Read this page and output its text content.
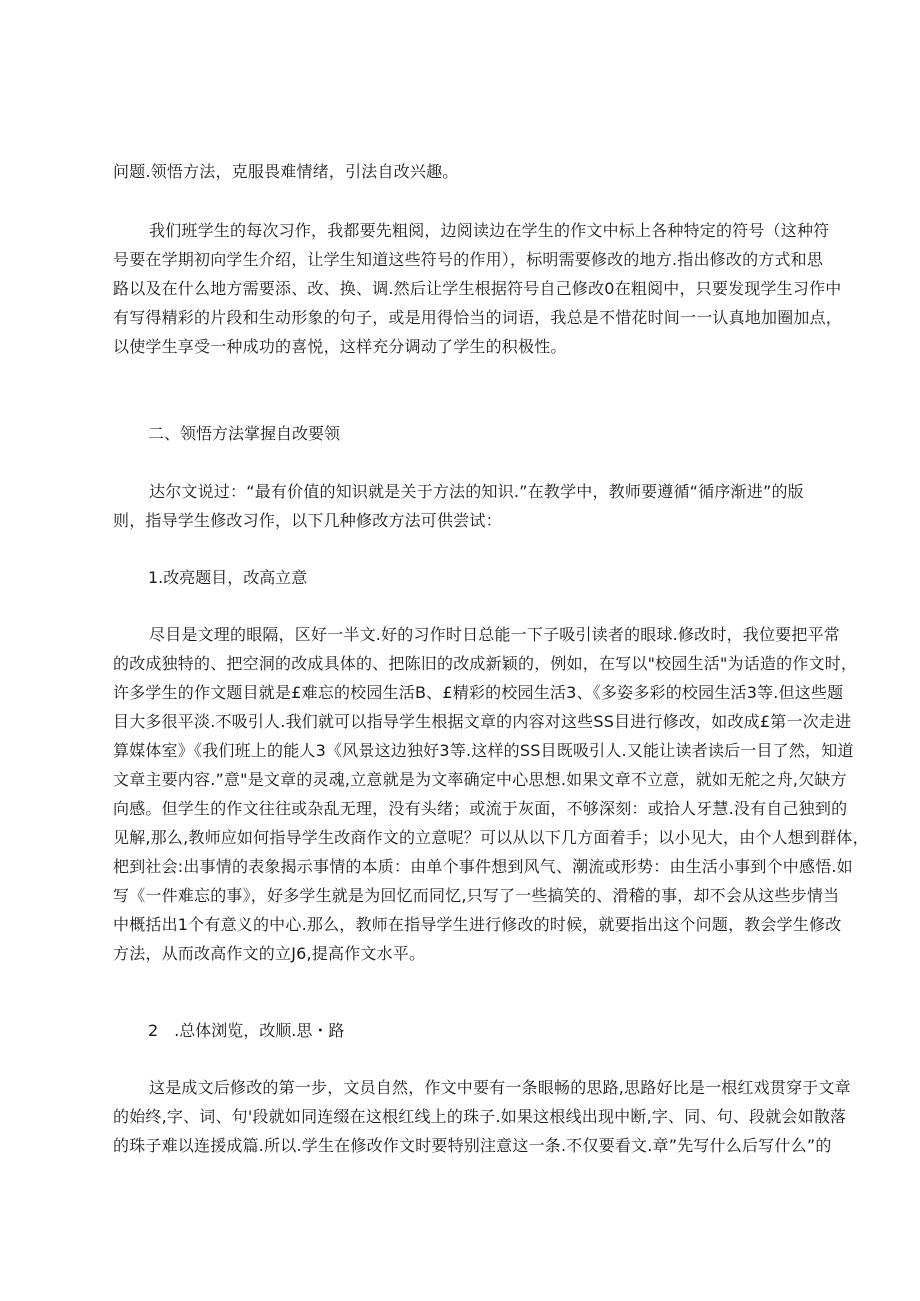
问题.领悟方法，克服畏难情绪，引法自改兴趣。
我们班学生的每次习作，我都要先粗阅，边阅读边在学生的作文中标上各种特定的符号（这种符
号要在学期初向学生介绍，让学生知道这些符号的作用），标明需要修改的地方.指出修改的方式和思
路以及在什么地方需要添、改、换、调.然后让学生根据符号自己修改0在粗阅中，只要发现学生习作中
有写得精彩的片段和生动形象的句子，或是用得恰当的词语，我总是不惜花时间一一认真地加圈加点，
以使学生享受一种成功的喜悦，这样充分调动了学生的积极性。
二、领悟方法掌握自改要领
达尔文说过：“最有价值的知识就是关于方法的知识.”在教学中，教师要遵循“循序渐进”的版
则，指导学生修改习作，以下几种修改方法可供尝试：
1.改亮题目，改高立意
尽目是文理的眼隔，区好一半文.好的习作时日总能一下子吸引读者的眼球.修改时，我位要把平常
的改成独特的、把空洞的改成具体的、把陈旧的改成新颖的，例如，在写以"校园生活"为话造的作文时，
许多学生的作文题目就是£难忘的校园生活B、£精彩的校园生活3、《多姿多彩的校园生活3等.但这些题
目大多很平淡.不吸引人.我们就可以指导学生根据文章的内容对这些SS目进行修改，如改成£第一次走进
算媒体室》《我们班上的能人3《风景这边独好3等.这样的SS目既吸引人.又能让读者读后一目了然，知道
文章主要内容.”意"是文章的灵魂,立意就是为文率确定中心思想.如果文章不立意，就如无舵之舟,欠缺方
向感。但学生的作文往往或杂乱无理，没有头绪；或流于灰面，不够深刻：或拾人牙慧.没有自己独到的
见解,那么,教师应如何指导学生改商作文的立意呢？可以从以下几方面着手；以小见大，由个人想到群体，
杷到社会:出事情的表象揭示事情的本质：由单个事件想到风气、潮流或形势：由生活小事到个中感悟.如
写《一件难忘的事》，好多学生就是为回忆而同忆,只写了一些搞笑的、滑稽的事，却不会从这些步情当
中概括出1个有意义的中心.那么，教师在指导学生进行修改的时候，就要指出这个问题，教会学生修改
方法，从而改高作文的立J6,提高作文水平。
2　.总体浏览，改顺.思・路
这是成文后修改的第一步，文员自然，作文中要有一条眼畅的思路,思路好比是一根红戏贯穿于文章
的始终,字、词、句'段就如同连缀在这根红线上的珠子.如果这根线出现中断,字、同、句、段就会如散落
的珠子难以连援成篇.所以.学生在修改作文时要特别注意这一条.不仅要看文.章”先写什么后写什么”的
